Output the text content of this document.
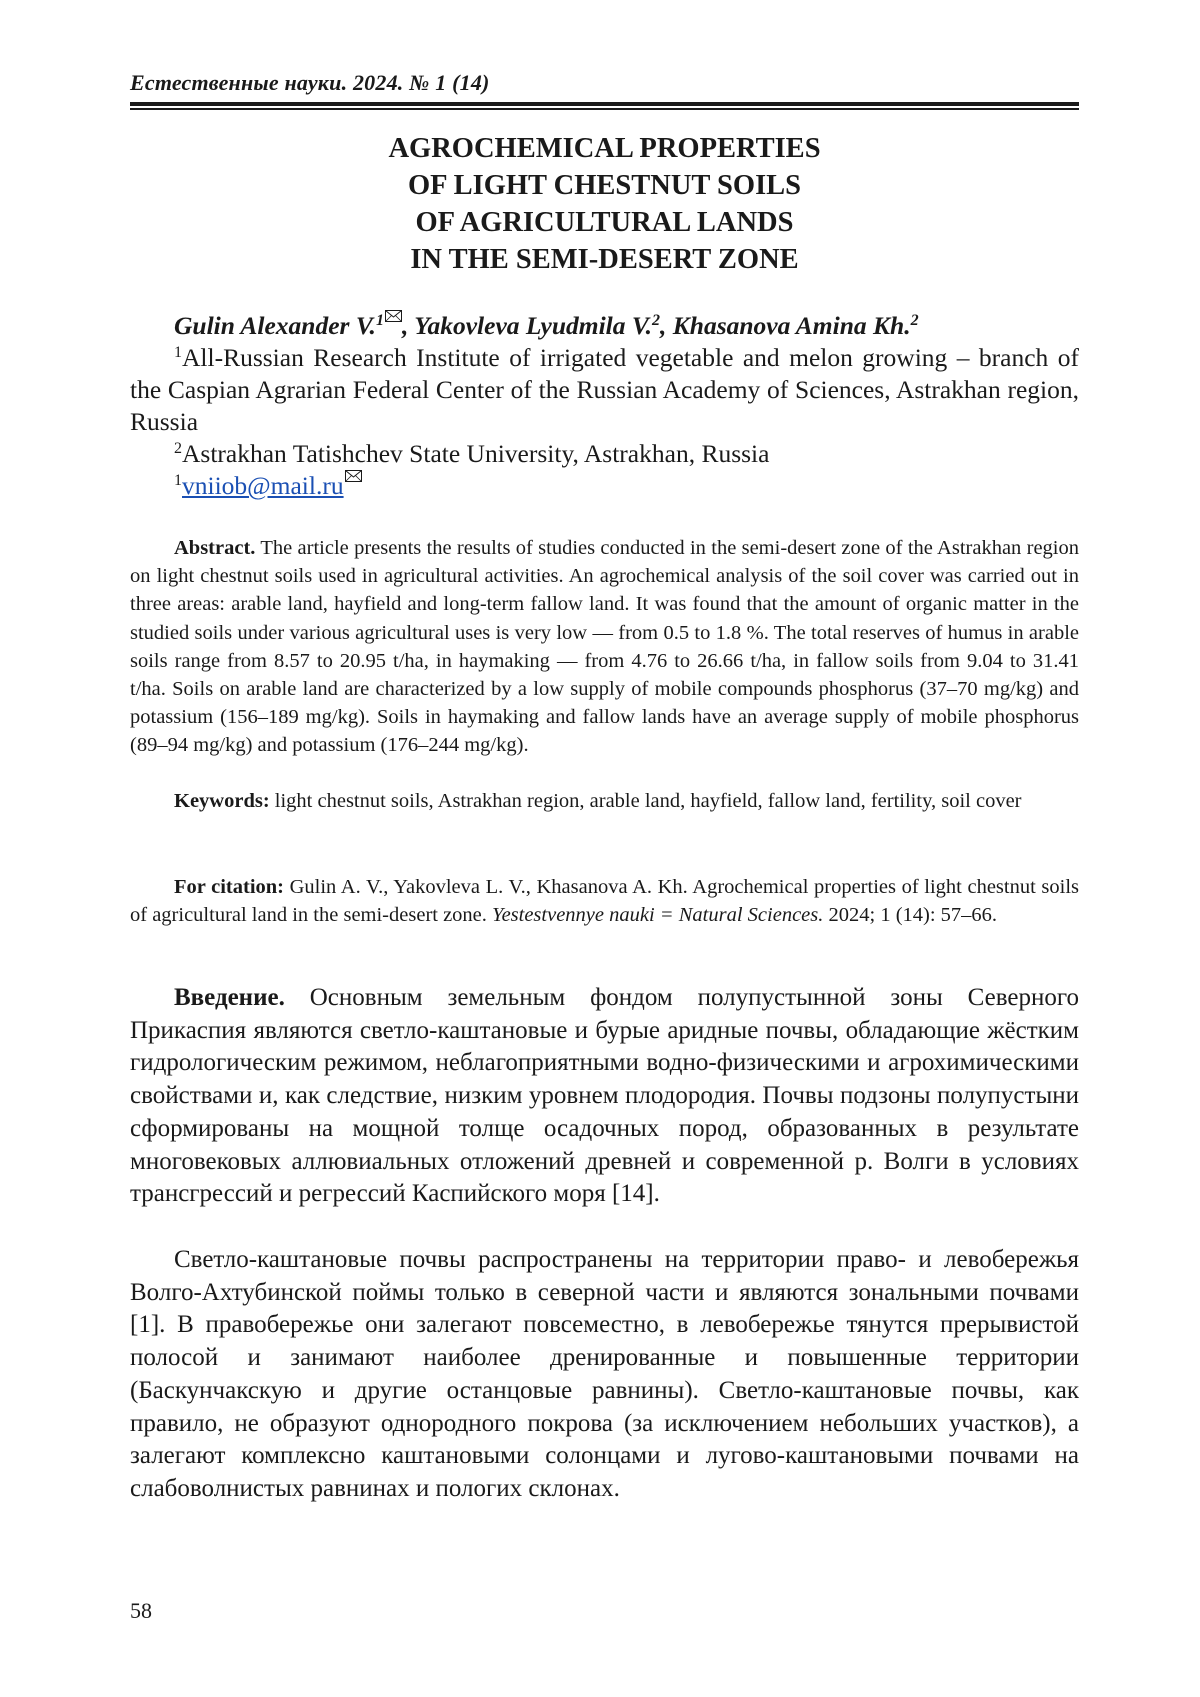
Естественные науки. 2024. № 1 (14)
AGROCHEMICAL PROPERTIES
OF LIGHT CHESTNUT SOILS
OF AGRICULTURAL LANDS
IN THE SEMI-DESERT ZONE
Gulin Alexander V.$^1$ , Yakovleva Lyudmila V.$^2$, Khasanova Amina Kh.$^2$
$^1$All-Russian Research Institute of irrigated vegetable and melon growing – branch of the Caspian Agrarian Federal Center of the Russian Academy of Sciences, Astrakhan region, Russia
$^2$Astrakhan Tatishchev State University, Astrakhan, Russia
$^1$vniiob@mail.ru
Abstract. The article presents the results of studies conducted in the semi-desert zone of the Astrakhan region on light chestnut soils used in agricultural activities. An agrochemical analysis of the soil cover was carried out in three areas: arable land, hayfield and long-term fallow land. It was found that the amount of organic matter in the studied soils under various agricultural uses is very low — from 0.5 to 1.8 %. The total reserves of humus in arable soils range from 8.57 to 20.95 t/ha, in haymaking — from 4.76 to 26.66 t/ha, in fallow soils from 9.04 to 31.41 t/ha. Soils on arable land are characterized by a low supply of mobile compounds phosphorus (37–70 mg/kg) and potassium (156–189 mg/kg). Soils in haymaking and fallow lands have an average supply of mobile phosphorus (89–94 mg/kg) and potassium (176–244 mg/kg).
Keywords: light chestnut soils, Astrakhan region, arable land, hayfield, fallow land, fertility, soil cover
For citation: Gulin A. V., Yakovleva L. V., Khasanova A. Kh. Agrochemical properties of light chestnut soils of agricultural land in the semi-desert zone. Yestestvennye nauki = Natural Sciences. 2024; 1 (14): 57–66.
Введение. Основным земельным фондом полупустынной зоны Северного Прикаспия являются светло-каштановые и бурые аридные почвы, обладающие жёстким гидрологическим режимом, неблагоприятными водно-физическими и агрохимическими свойствами и, как следствие, низким уровнем плодородия. Почвы подзоны полупустыни сформированы на мощной толще осадочных пород, образованных в результате многовековых аллювиальных отложений древней и современной р. Волги в условиях трансгрессий и регрессий Каспийского моря [14].
Светло-каштановые почвы распространены на территории право- и левобережья Волго-Ахтубинской поймы только в северной части и являются зональными почвами [1]. В правобережье они залегают повсеместно, в левобережье тянутся прерывистой полосой и занимают наиболее дренированные и повышенные территории (Баскунчакскую и другие останцовые равнины). Светло-каштановые почвы, как правило, не образуют однородного покрова (за исключением небольших участков), а залегают комплексно каштановыми солонцами и лугово-каштановыми почвами на слабоволнистых равнинах и пологих склонах.
58
